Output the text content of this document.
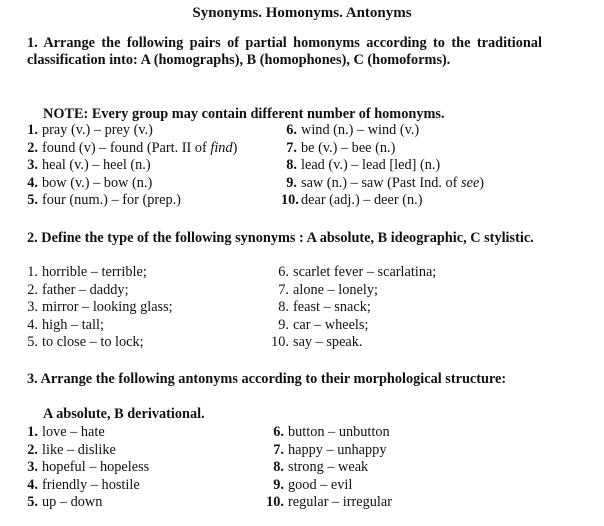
Synonyms. Homonyms. Antonyms
1. Arrange the following pairs of partial homonyms according to the traditional classification into: A (homographs), B (homophones), C (homoforms).
NOTE: Every group may contain different number of homonyms.
1. pray (v.) – prey (v.)
2. found (v) – found (Part. II of find)
3. heal (v.) – heel (n.)
4. bow (v.) – bow (n.)
5. four (num.) – for (prep.)
6. wind (n.) – wind (v.)
7. be (v.) – bee (n.)
8. lead (v.) – lead [led] (n.)
9. saw (n.) – saw (Past Ind. of see)
10. dear (adj.) – deer (n.)
2. Define the type of the following synonyms : A absolute, B ideographic, C stylistic.
1. horrible – terrible;
2. father – daddy;
3. mirror – looking glass;
4. high – tall;
5. to close – to lock;
6. scarlet fever – scarlatina;
7. alone – lonely;
8. feast – snack;
9. car – wheels;
10. say – speak.
3. Arrange the following antonyms according to their morphological structure:
A absolute, B derivational.
1. love – hate
2. like – dislike
3. hopeful – hopeless
4. friendly – hostile
5. up – down
6. button – unbutton
7. happy – unhappy
8. strong – weak
9. good – evil
10. regular – irregular
